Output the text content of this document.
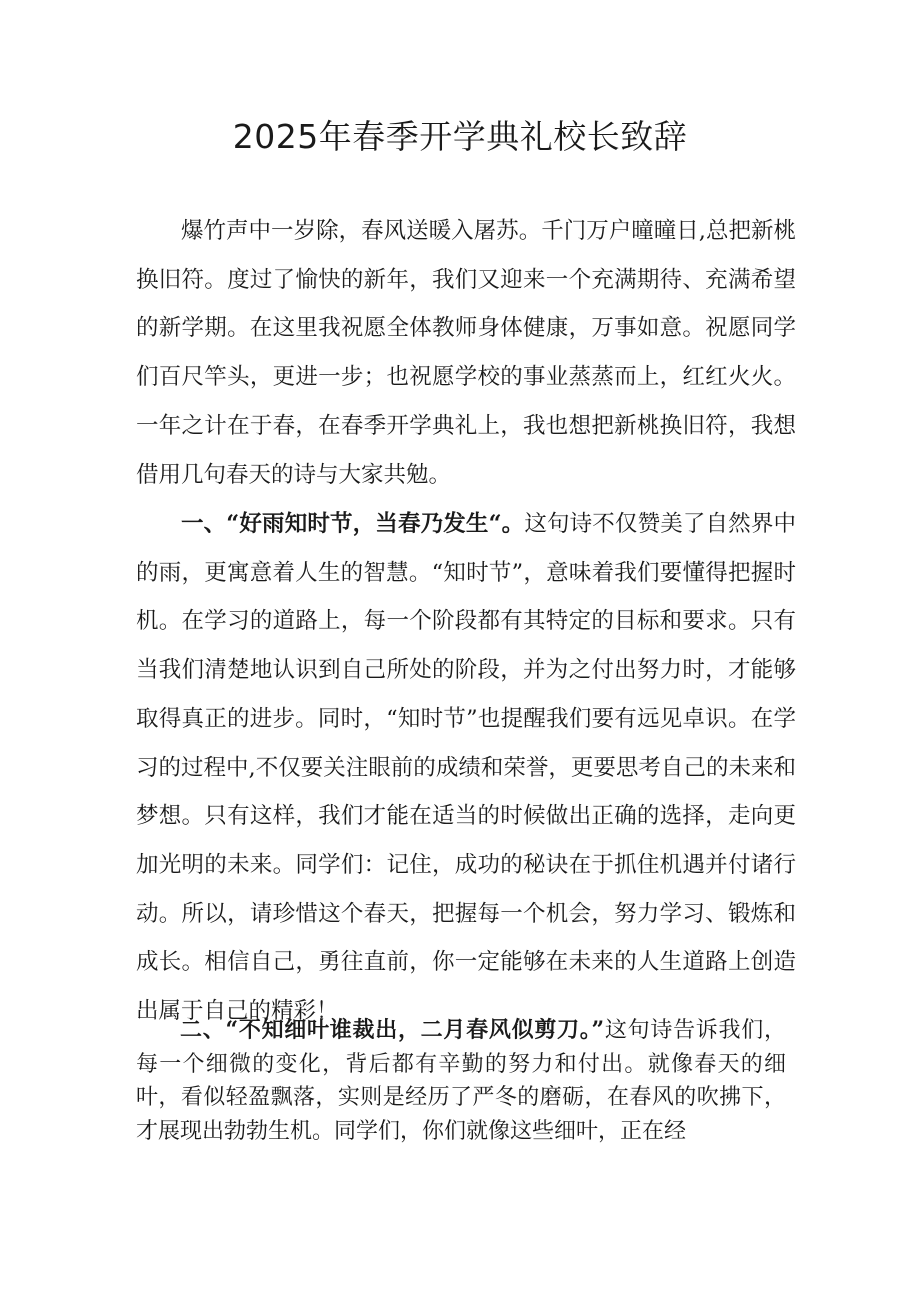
2025年春季开学典礼校长致辞

爆竹声中一岁除，春风送暖入屠苏。千门万户曈曈日,总把新桃换旧符。度过了愉快的新年，我们又迎来一个充满期待、充满希望的新学期。在这里我祝愿全体教师身体健康，万事如意。祝愿同学们百尺竿头，更进一步；也祝愿学校的事业蒸蒸而上，红红火火。一年之计在于春，在春季开学典礼上，我也想把新桃换旧符，我想借用几句春天的诗与大家共勉。

一、“好雨知时节，当春乃发生“。这句诗不仅赞美了自然界中的雨，更寓意着人生的智慧。“知时节”，意味着我们要懂得把握时机。在学习的道路上，每一个阶段都有其特定的目标和要求。只有当我们清楚地认识到自己所处的阶段，并为之付出努力时，才能够取得真正的进步。同时，“知时节”也提醒我们要有远见卓识。在学习的过程中,不仅要关注眼前的成绩和荣誉，更要思考自己的未来和梦想。只有这样，我们才能在适当的时候做出正确的选择，走向更加光明的未来。同学们：记住，成功的秘诀在于抓住机遇并付诸行动。所以，请珍惜这个春天，把握每一个机会，努力学习、锻炼和成长。相信自己，勇往直前，你一定能够在未来的人生道路上创造出属于自己的精彩！

二、“不知细叶谁裁出，二月春风似剪刀。”这句诗告诉我们，每一个细微的变化，背后都有辛勤的努力和付出。就像春天的细叶，看似轻盈飘落，实则是经历了严冬的磨砺，在春风的吹拂下，才展现出勃勃生机。同学们，你们就像这些细叶，正在经
